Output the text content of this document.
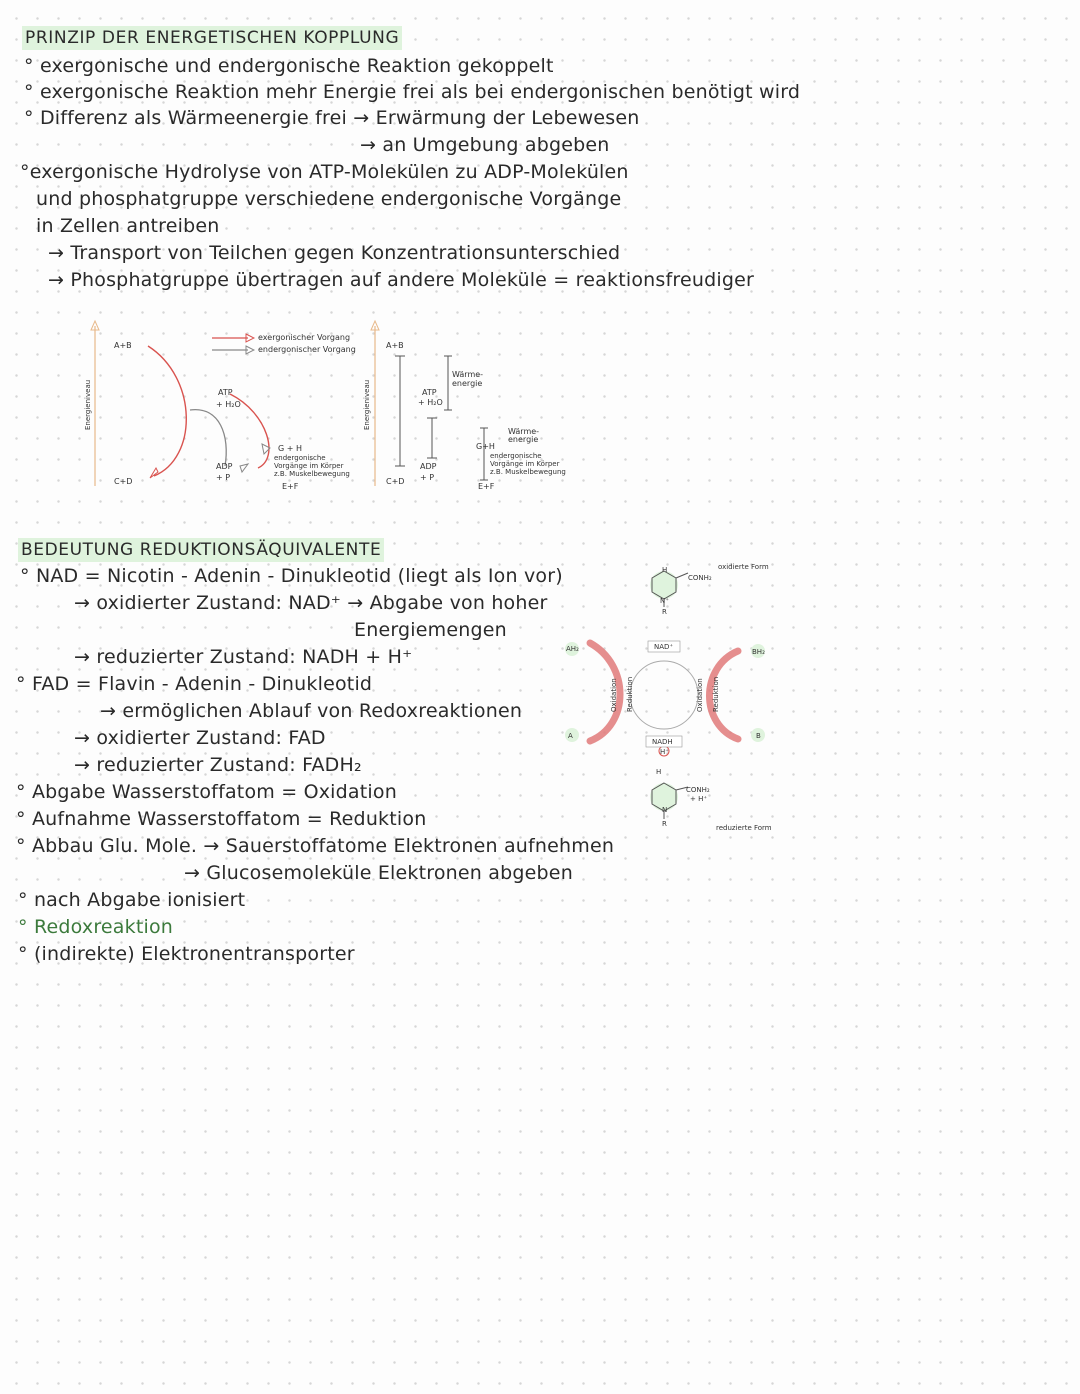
PRINZIP DER ENERGETISCHEN KOPPLUNG
° exergonische und endergonische Reaktion gekoppelt
° exergonische Reaktion mehr Energie frei als bei endergonischen benötigt wird
° Differenz als Wärmeenergie frei → Erwärmung der Lebewesen
→ an Umgebung abgeben
°exergonische Hydrolyse von ATP-Molekülen zu ADP-Molekülen
und phosphatgruppe verschiedene endergonische Vorgänge
in Zellen antreiben
→ Transport von Teilchen gegen Konzentrationsunterschied
→ Phosphatgruppe übertragen auf andere Moleküle = reaktionsfreudiger
Energieniveau
A+B
C+D
exergonischer Vorgang
endergonischer Vorgang
ATP
+ H₂O
ADP
+ P
G + H
endergonische
Vorgänge im Körper
z.B. Muskelbewegung
E+F
Energieniveau
A+B
C+D
ATP
+ H₂O
ADP
+ P
Wärme-
energie
Wärme-
energie
G+H
endergonische
Vorgänge im Körper
z.B. Muskelbewegung
E+F
BEDEUTUNG REDUKTIONSÄQUIVALENTE
° NAD = Nicotin - Adenin - Dinukleotid (liegt als Ion vor)
→ oxidierter Zustand: NAD⁺ → Abgabe von hoher
Energiemengen
→ reduzierter Zustand: NADH + H⁺
° FAD = Flavin - Adenin - Dinukleotid
→ ermöglichen Ablauf von Redoxreaktionen
→ oxidierter Zustand: FAD
→ reduzierter Zustand: FADH₂
° Abgabe Wasserstoffatom = Oxidation
° Aufnahme Wasserstoffatom = Reduktion
° Abbau Glu. Mole. → Sauerstoffatome Elektronen aufnehmen
→ Glucosemoleküle Elektronen abgeben
° nach Abgabe ionisiert
° Redoxreaktion
° (indirekte) Elektronentransporter
oxidierte Form
reduzierte Form
H
CONH₂
N⁺
R
NAD⁺
NADH
H⁺
AH₂
A
BH₂
B
H
CONH₂
+ H⁺
N
R
Oxidation Reduktion	Oxidation Reduktion
